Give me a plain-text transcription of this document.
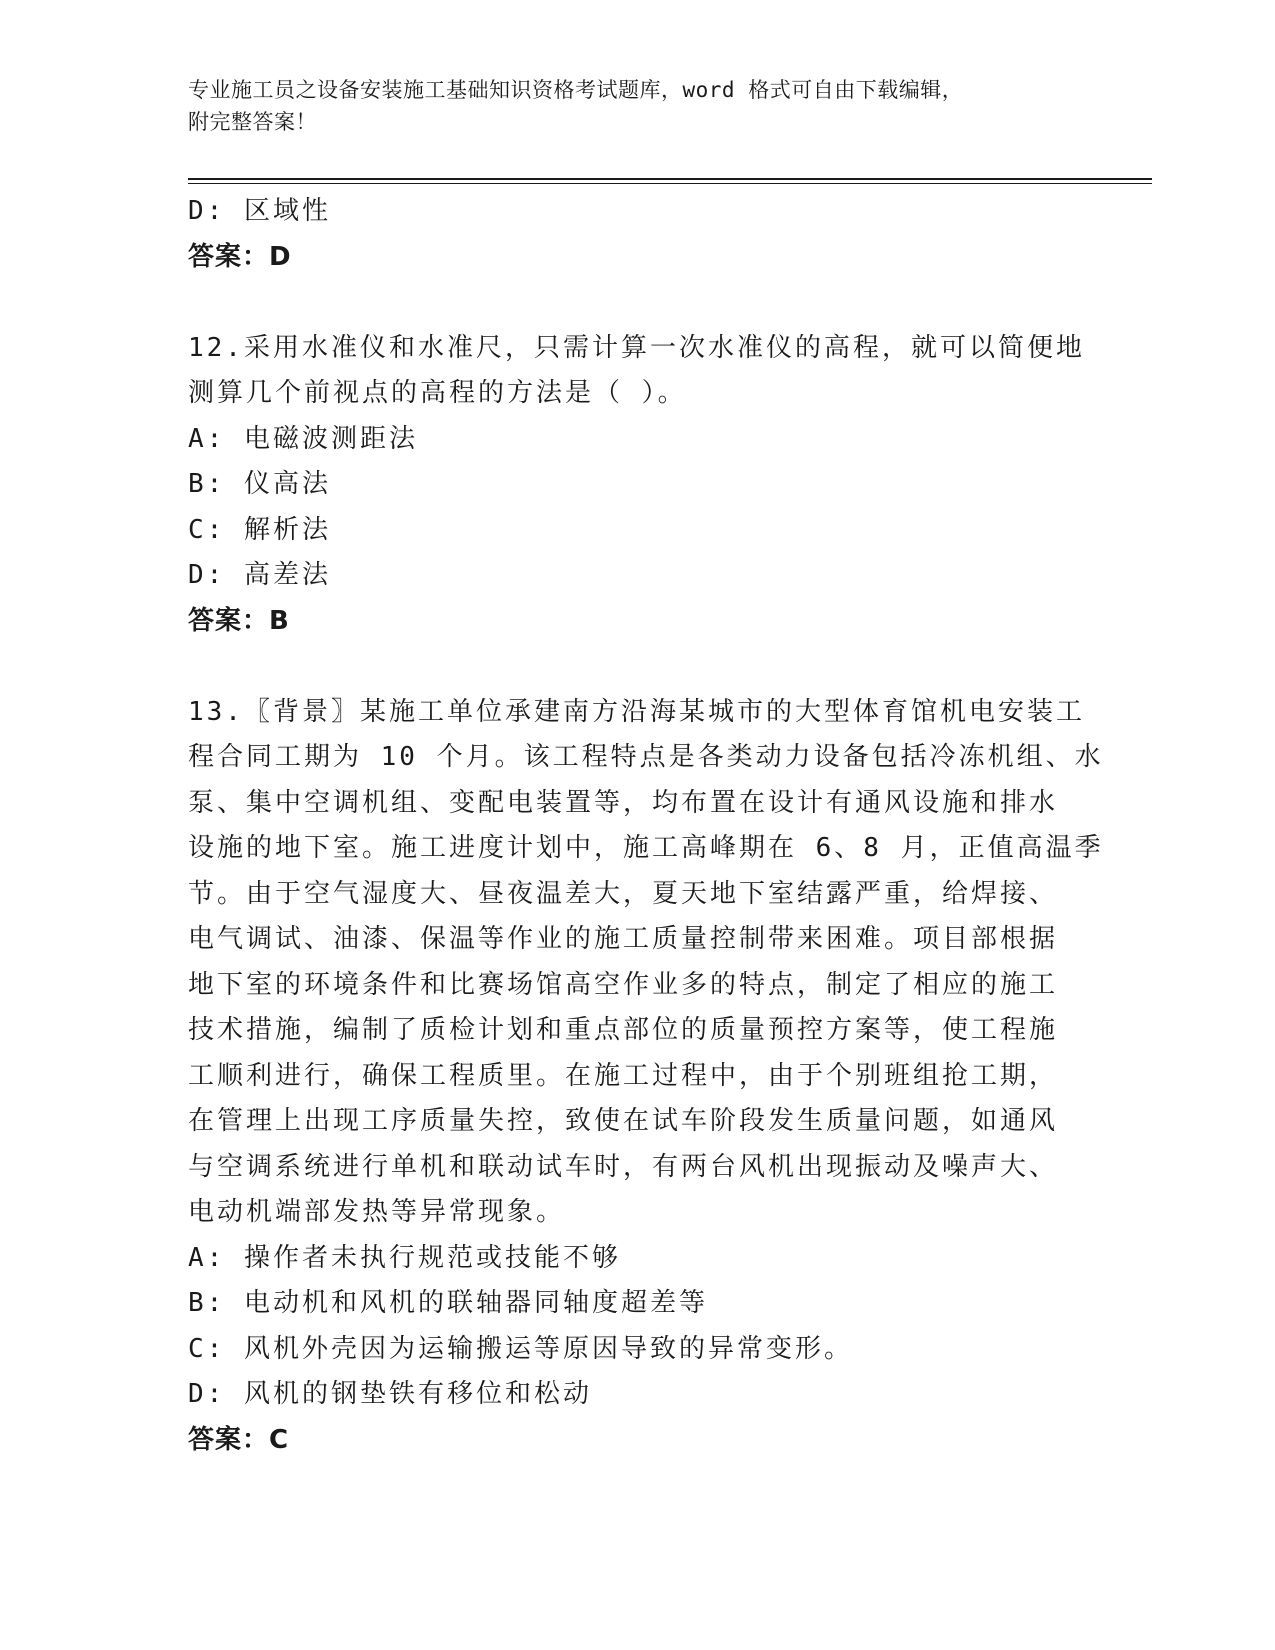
专业施工员之设备安装施工基础知识资格考试题库，word 格式可自由下载编辑，
附完整答案！
D: 区域性
答案：D
12.采用水准仪和水准尺，只需计算一次水准仪的高程，就可以简便地
测算几个前视点的高程的方法是（ ）。
A: 电磁波测距法
B: 仪高法
C: 解析法
D: 高差法
答案：B
13.〖背景〗某施工单位承建南方沿海某城市的大型体育馆机电安装工
程合同工期为 10 个月。该工程特点是各类动力设备包括冷冻机组、水
泵、集中空调机组、变配电装置等，均布置在设计有通风设施和排水
设施的地下室。施工进度计划中，施工高峰期在 6、8 月，正值高温季
节。由于空气湿度大、昼夜温差大，夏天地下室结露严重，给焊接、
电气调试、油漆、保温等作业的施工质量控制带来困难。项目部根据
地下室的环境条件和比赛场馆高空作业多的特点，制定了相应的施工
技术措施，编制了质检计划和重点部位的质量预控方案等，使工程施
工顺利进行，确保工程质里。在施工过程中，由于个别班组抢工期，
在管理上出现工序质量失控，致使在试车阶段发生质量问题，如通风
与空调系统进行单机和联动试车时，有两台风机出现振动及噪声大、
电动机端部发热等异常现象。
A: 操作者未执行规范或技能不够
B: 电动机和风机的联轴器同轴度超差等
C: 风机外壳因为运输搬运等原因导致的异常变形。
D: 风机的钢垫铁有移位和松动
答案：C
